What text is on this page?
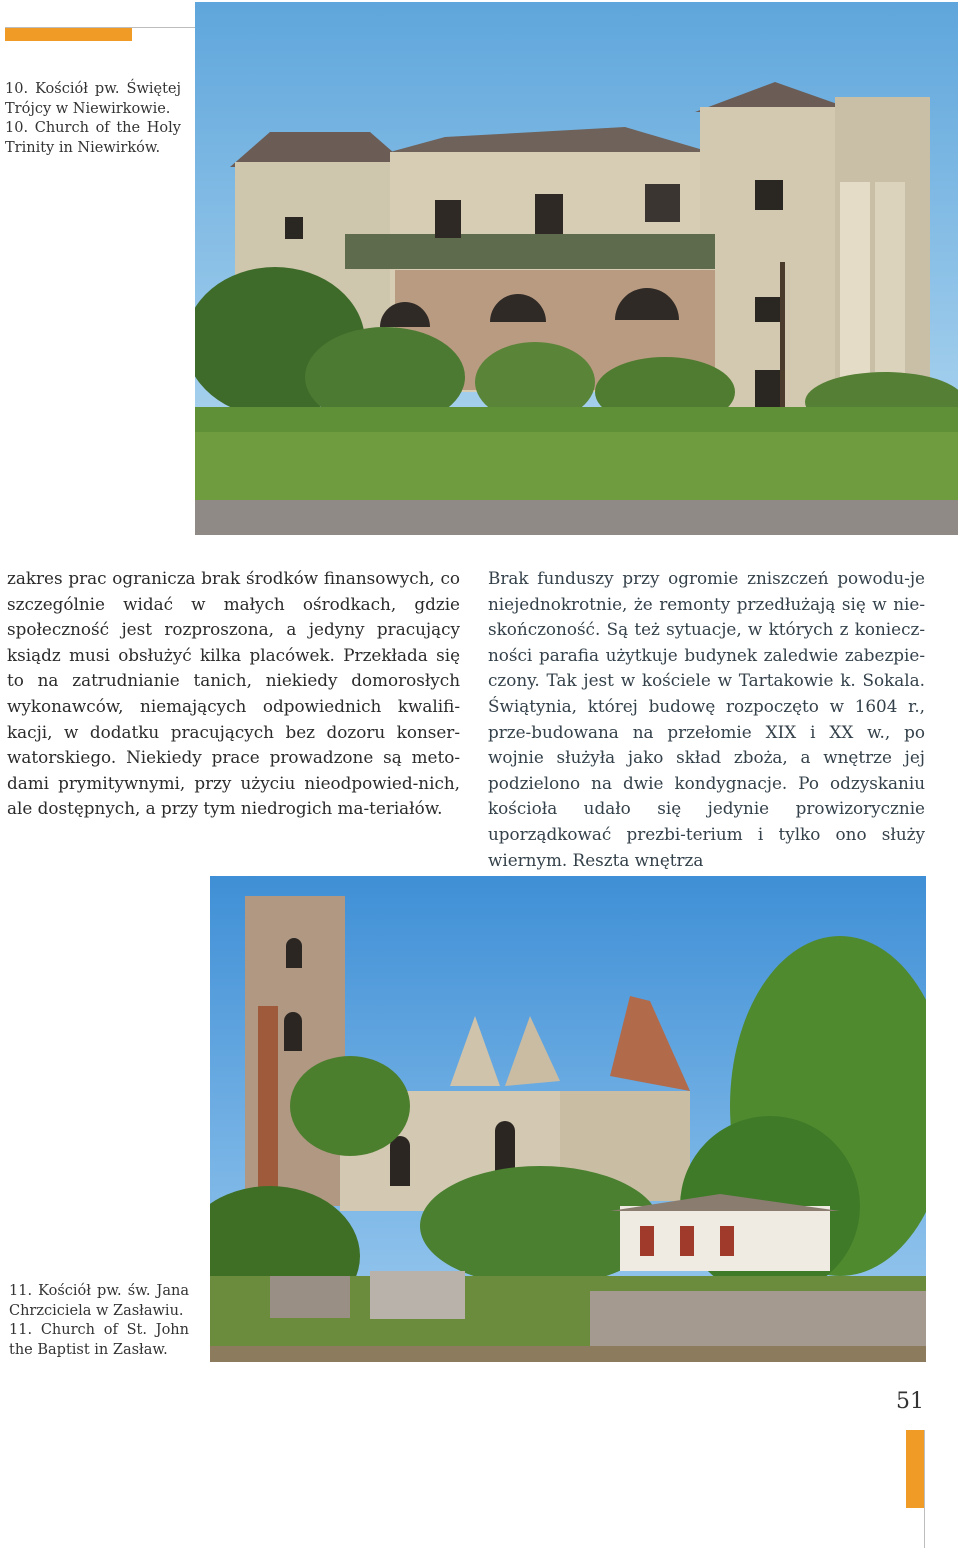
10. Kościół pw. Świętej Trójcy w Niewirkowie.
10. Church of the Holy Trinity in Niewirków.
zakres prac ogranicza brak środków finansowych, co szczególnie widać w małych ośrodkach, gdzie społeczność jest rozproszona, a jedyny pracujący ksiądz musi obsłużyć kilka placówek. Przekłada się to na zatrudnianie tanich, niekiedy domorosłych wykonawców, niemających odpowiednich kwalifi-kacji, w dodatku pracujących bez dozoru konser-watorskiego. Niekiedy prace prowadzone są meto-dami prymitywnymi, przy użyciu nieodpowied-nich, ale dostępnych, a przy tym niedrogich ma-teriałów.
Brak funduszy przy ogromie zniszczeń powodu-je niejednokrotnie, że remonty przedłużają się w nie-skończoność. Są też sytuacje, w których z koniecz-ności parafia użytkuje budynek zaledwie zabezpie-czony. Tak jest w kościele w Tartakowie k. Sokala. Świątynia, której budowę rozpoczęto w 1604 r., prze-budowana na przełomie XIX i XX w., po wojnie służyła jako skład zboża, a wnętrze jej podzielono na dwie kondygnacje. Po odzyskaniu kościoła udało się jedynie prowizorycznie uporządkować prezbi-terium i tylko ono służy wiernym. Reszta wnętrza
11. Kościół pw. św. Jana Chrzciciela w Zasławiu.
11. Church of St. John the Baptist in Zasław.
51
